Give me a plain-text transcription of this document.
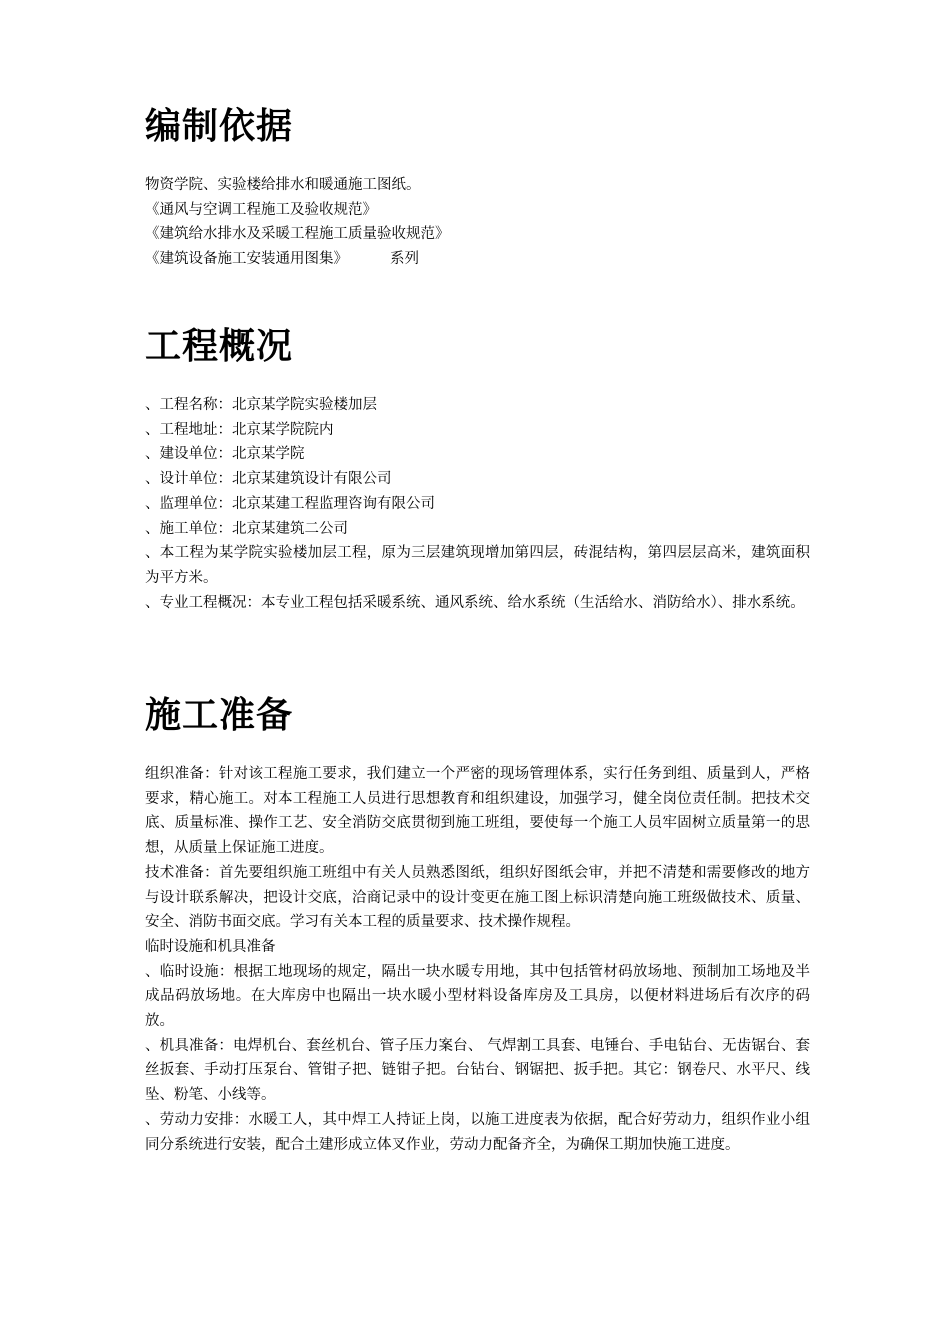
编制依据
物资学院、实验楼给排水和暖通施工图纸。
《通风与空调工程施工及验收规范》
《建筑给水排水及采暖工程施工质量验收规范》
《建筑设备施工安装通用图集》	系列
工程概况
、工程名称：北京某学院实验楼加层
、工程地址：北京某学院院内
、建设单位：北京某学院
、设计单位：北京某建筑设计有限公司
、监理单位：北京某建工程监理咨询有限公司
、施工单位：北京某建筑二公司
、本工程为某学院实验楼加层工程，原为三层建筑现增加第四层，砖混结构，第四层层高米，建筑面积为平方米。
、专业工程概况：本专业工程包括采暖系统、通风系统、给水系统（生活给水、消防给水）、排水系统。
施工准备
组织准备：针对该工程施工要求，我们建立一个严密的现场管理体系，实行任务到组、质量到人，严格要求，精心施工。对本工程施工人员进行思想教育和组织建设，加强学习，健全岗位责任制。把技术交底、质量标准、操作工艺、安全消防交底贯彻到施工班组，要使每一个施工人员牢固树立质量第一的思想，从质量上保证施工进度。
技术准备：首先要组织施工班组中有关人员熟悉图纸，组织好图纸会审，并把不清楚和需要修改的地方与设计联系解决，把设计交底，洽商记录中的设计变更在施工图上标识清楚向施工班级做技术、质量、安全、消防书面交底。学习有关本工程的质量要求、技术操作规程。
临时设施和机具准备
、临时设施：根据工地现场的规定，隔出一块水暖专用地，其中包括管材码放场地、预制加工场地及半成品码放场地。在大库房中也隔出一块水暖小型材料设备库房及工具房，以便材料进场后有次序的码放。
、机具准备：电焊机台、套丝机台、管子压力案台、 气焊割工具套、电锤台、手电钻台、无齿锯台、套丝扳套、手动打压泵台、管钳子把、链钳子把。台钻台、钢锯把、扳手把。其它：钢卷尺、水平尺、线坠、粉笔、小线等。
、劳动力安排：水暖工人，其中焊工人持证上岗，以施工进度表为依据，配合好劳动力，组织作业小组同分系统进行安装，配合土建形成立体叉作业，劳动力配备齐全，为确保工期加快施工进度。
